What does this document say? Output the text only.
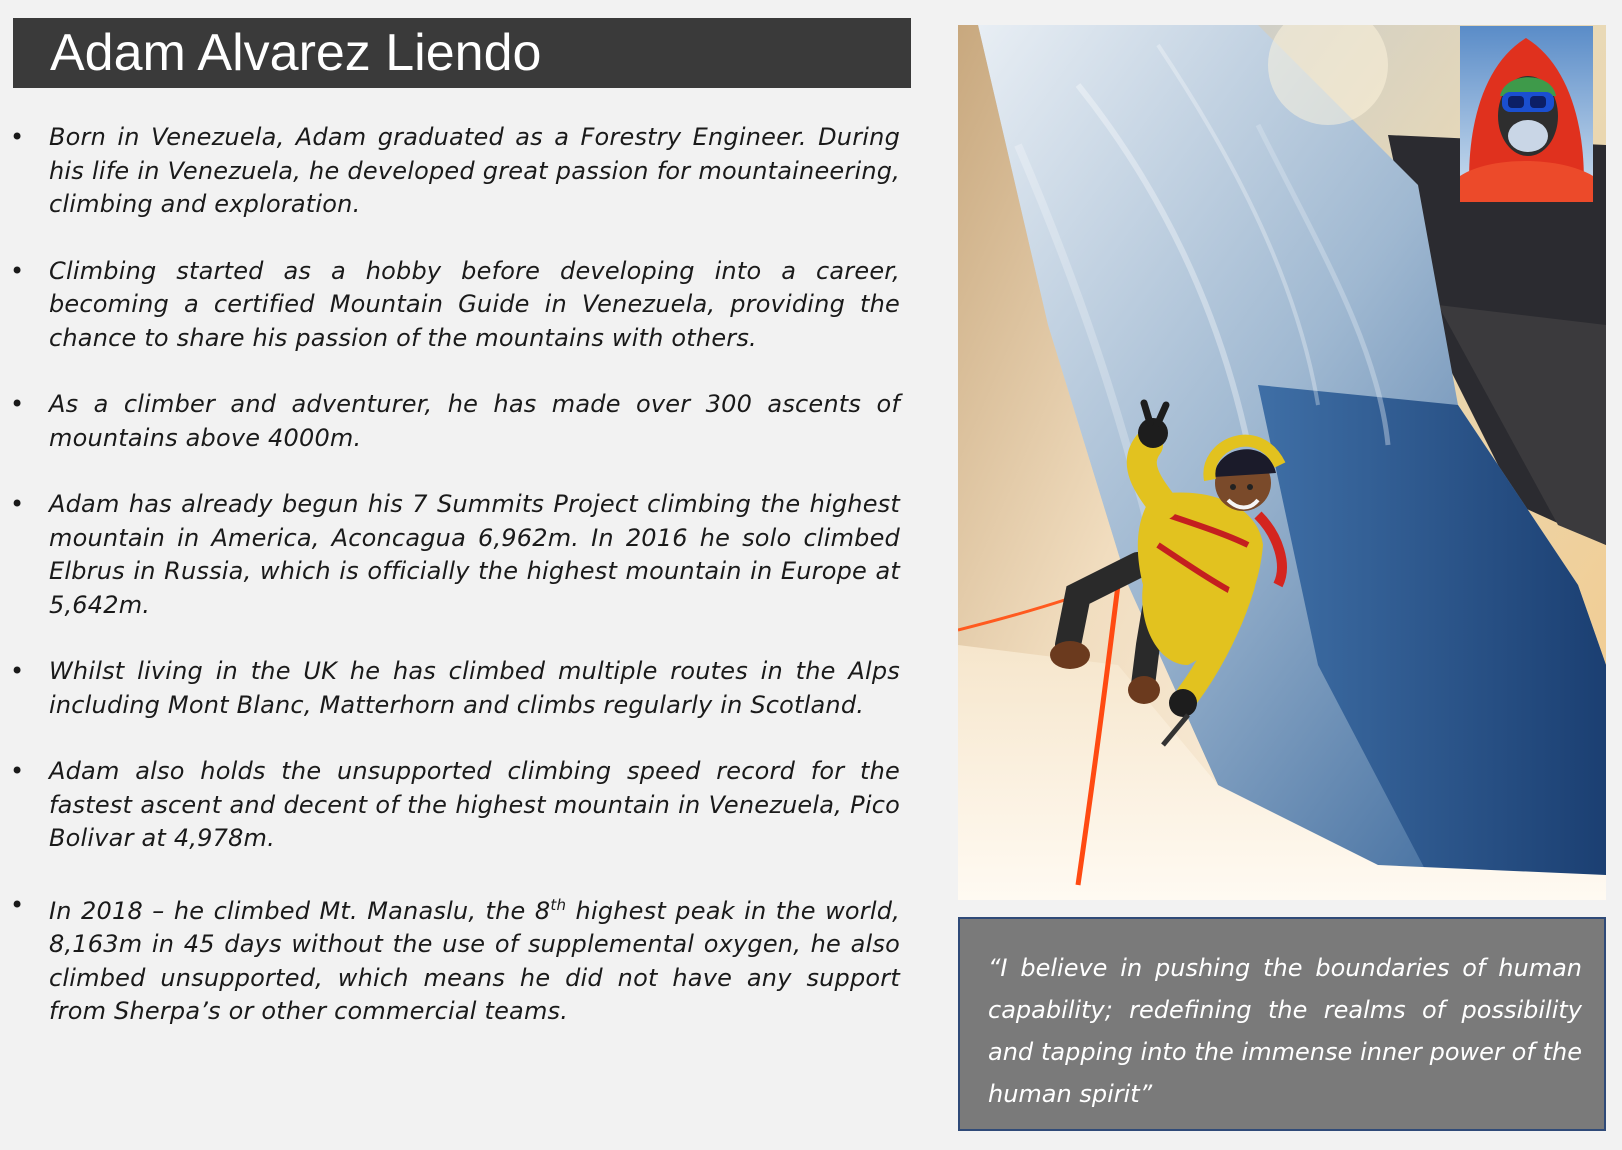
Adam Alvarez Liendo
• Born in Venezuela, Adam graduated as a Forestry Engineer. During his life in Venezuela, he developed great passion for mountaineering, climbing and exploration.
• Climbing started as a hobby before developing into a career, becoming a certified Mountain Guide in Venezuela, providing the chance to share his passion of the mountains with others.
• As a climber and adventurer, he has made over 300 ascents of mountains above 4000m.
• Adam has already begun his 7 Summits Project climbing the highest mountain in America, Aconcagua 6,962m. In 2016 he solo climbed Elbrus in Russia, which is officially the highest mountain in Europe at 5,642m.
• Whilst living in the UK he has climbed multiple routes in the Alps including Mont Blanc, Matterhorn and climbs regularly in Scotland.
• Adam also holds the unsupported climbing speed record for the fastest ascent and decent of the highest mountain in Venezuela, Pico Bolivar at 4,978m.
• In 2018 – he climbed Mt. Manaslu, the 8th highest peak in the world, 8,163m in 45 days without the use of supplemental oxygen, he also climbed unsupported, which means he did not have any support from Sherpa’s or other commercial teams.
“I believe in pushing the boundaries of human capability; redefining the realms of possibility and tapping into the immense inner power of the human spirit”
